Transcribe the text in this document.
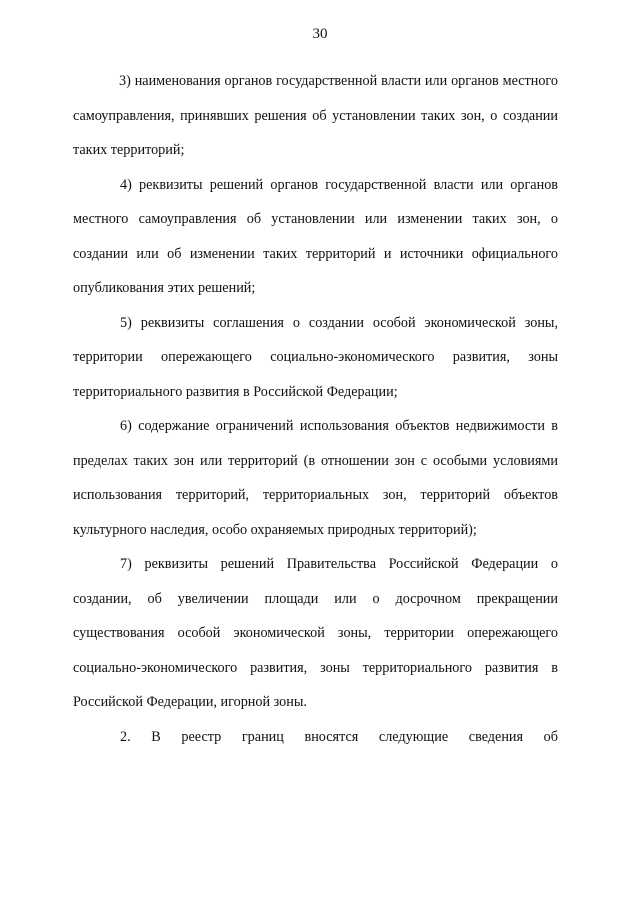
30

3) наименования органов государственной власти или органов местного самоуправления, принявших решения об установлении таких зон, о создании таких территорий;

4) реквизиты решений органов государственной власти или органов местного самоуправления об установлении или изменении таких зон, о создании или об изменении таких территорий и источники официального опубликования этих решений;

5) реквизиты соглашения о создании особой экономической зоны, территории опережающего социально-экономического развития, зоны территориального развития в Российской Федерации;

6) содержание ограничений использования объектов недвижимости в пределах таких зон или территорий (в отношении зон с особыми условиями использования территорий, территориальных зон, территорий объектов культурного наследия, особо охраняемых природных территорий);

7) реквизиты решений Правительства Российской Федерации о создании, об увеличении площади или о досрочном прекращении существования особой экономической зоны, территории опережающего социально-экономического развития, зоны территориального развития в Российской Федерации, игорной зоны.

2. В реестр границ вносятся следующие сведения об
